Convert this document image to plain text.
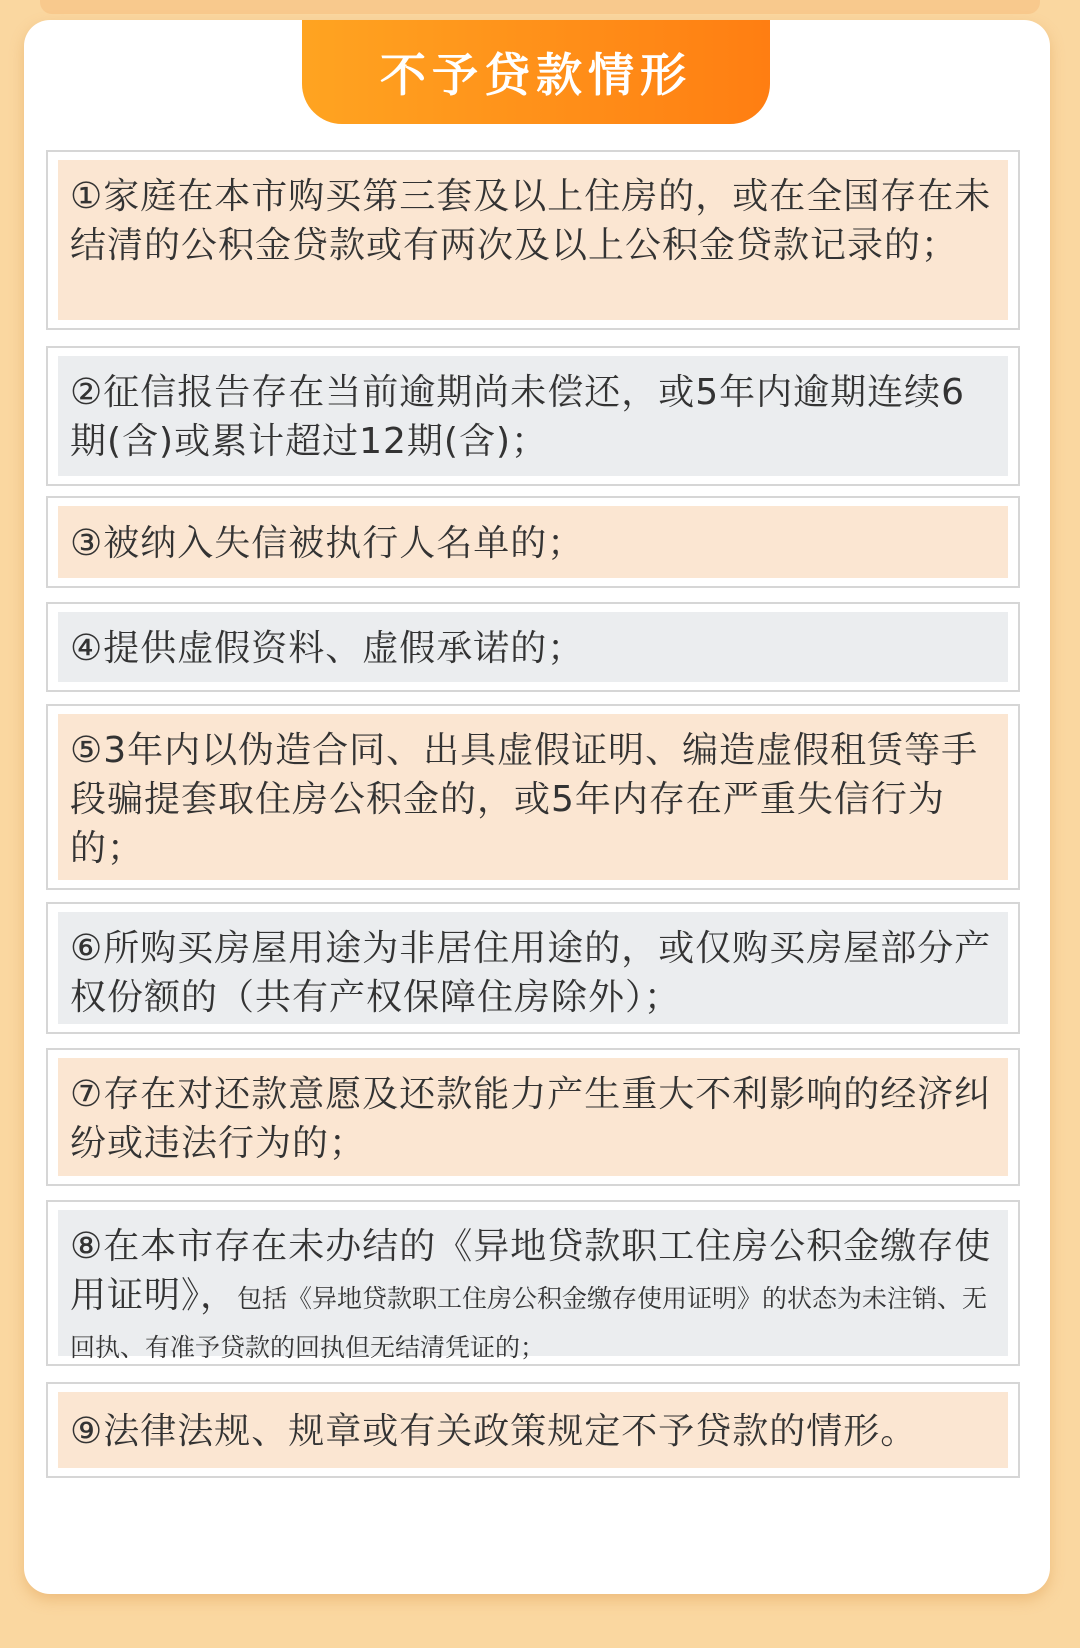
不予贷款情形
①家庭在本市购买第三套及以上住房的，或在全国存在未结清的公积金贷款或有两次及以上公积金贷款记录的；
②征信报告存在当前逾期尚未偿还，或5年内逾期连续6期(含)或累计超过12期(含)；
③被纳入失信被执行人名单的；
④提供虚假资料、虚假承诺的；
⑤3年内以伪造合同、出具虚假证明、编造虚假租赁等手段骗提套取住房公积金的，或5年内存在严重失信行为的；
⑥所购买房屋用途为非居住用途的，或仅购买房屋部分产权份额的（共有产权保障住房除外）；
⑦存在对还款意愿及还款能力产生重大不利影响的经济纠纷或违法行为的；
⑧在本市存在未办结的《异地贷款职工住房公积金缴存使用证明》，包括《异地贷款职工住房公积金缴存使用证明》的状态为未注销、无回执、有准予贷款的回执但无结清凭证的；
⑨法律法规、规章或有关政策规定不予贷款的情形。
